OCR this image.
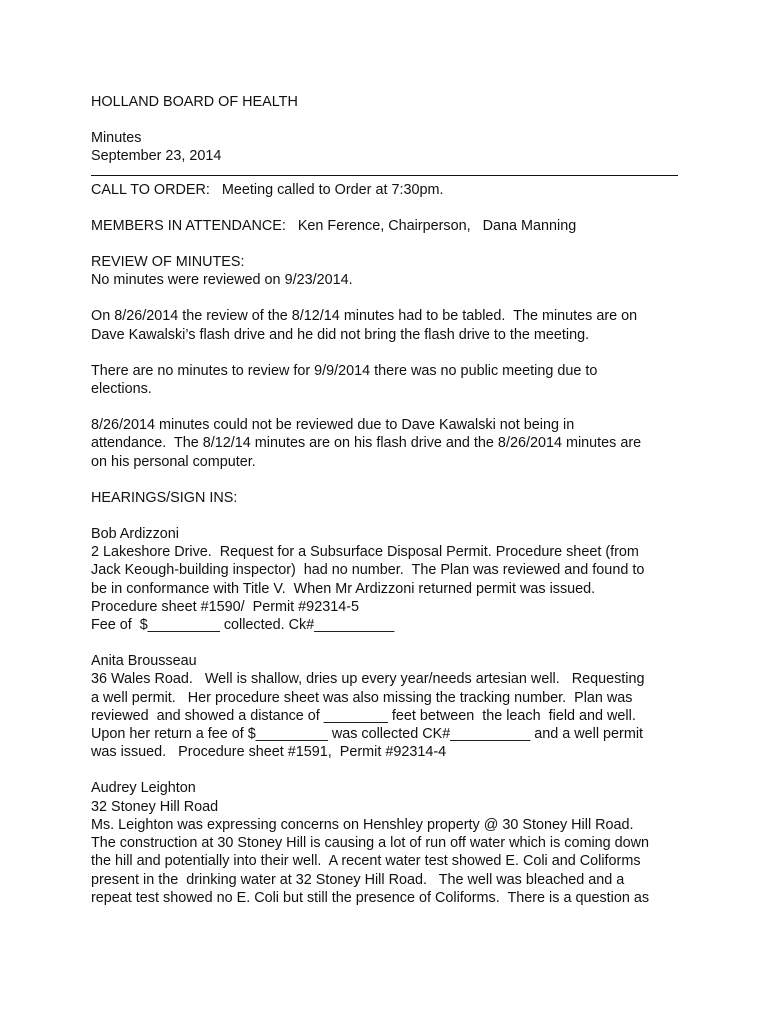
HOLLAND BOARD OF HEALTH
Minutes
September 23, 2014
CALL TO ORDER:   Meeting called to Order at 7:30pm.
MEMBERS IN ATTENDANCE:   Ken Ference, Chairperson,   Dana Manning
REVIEW OF MINUTES:
No minutes were reviewed on 9/23/2014.
On 8/26/2014 the review of the 8/12/14 minutes had to be tabled.  The minutes are on
Dave Kawalski’s flash drive and he did not bring the flash drive to the meeting.
There are no minutes to review for 9/9/2014 there was no public meeting due to
elections.
8/26/2014 minutes could not be reviewed due to Dave Kawalski not being in
attendance.  The 8/12/14 minutes are on his flash drive and the 8/26/2014 minutes are
on his personal computer.
HEARINGS/SIGN INS:
Bob Ardizzoni
2 Lakeshore Drive.  Request for a Subsurface Disposal Permit. Procedure sheet (from
Jack Keough-building inspector)  had no number.  The Plan was reviewed and found to
be in conformance with Title V.  When Mr Ardizzoni returned permit was issued.
Procedure sheet #1590/  Permit #92314-5
Fee of  $_________ collected. Ck#__________
Anita Brousseau
36 Wales Road.   Well is shallow, dries up every year/needs artesian well.   Requesting
a well permit.   Her procedure sheet was also missing the tracking number.  Plan was
reviewed  and showed a distance of ________ feet between  the leach  field and well.
Upon her return a fee of $_________ was collected CK#__________ and a well permit
was issued.   Procedure sheet #1591,  Permit #92314-4
Audrey Leighton
32 Stoney Hill Road
Ms. Leighton was expressing concerns on Henshley property @ 30 Stoney Hill Road.
The construction at 30 Stoney Hill is causing a lot of run off water which is coming down
the hill and potentially into their well.  A recent water test showed E. Coli and Coliforms
present in the  drinking water at 32 Stoney Hill Road.   The well was bleached and a
repeat test showed no E. Coli but still the presence of Coliforms.  There is a question as
